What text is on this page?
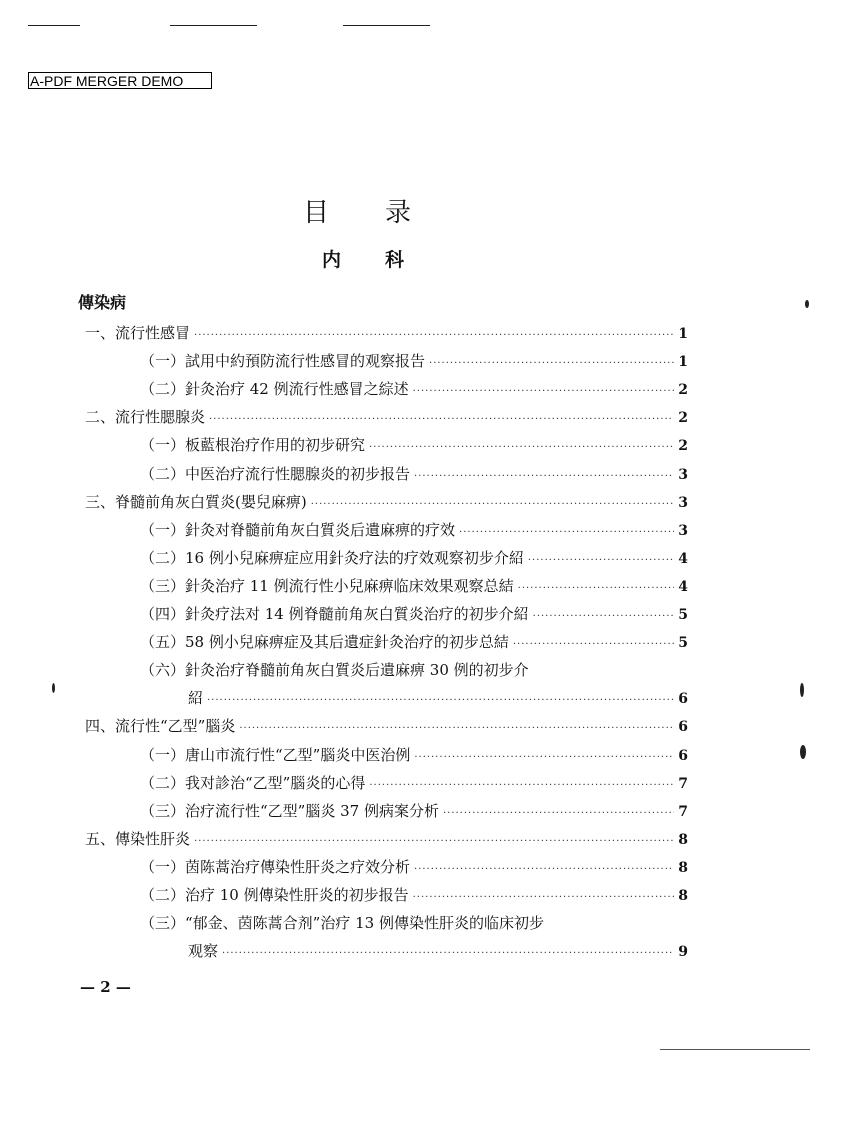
A-PDF MERGER DEMO
目录
内科
傳染病
一、流行性感冒 ·····	1
（一）試用中約預防流行性感冒的观察报告 ·····	1
（二）針灸治疗 42 例流行性感冒之綜述 ·····	2
二、流行性腮腺炎 ·····	2
（一）板藍根治疗作用的初步研究 ·····	2
（二）中医治疗流行性腮腺炎的初步报告 ·····	3
三、脊髓前角灰白質炎(嬰兒麻痹) ·····	3
（一）針灸对脊髓前角灰白質炎后遺麻痹的疗效 ·····	3
（二）16 例小兒麻痹症应用針灸疗法的疗效观察初步介紹 ·····	4
（三）針灸治疗 11 例流行性小兒麻痹临床效果观察总結 ·····	4
（四）針灸疗法对 14 例脊髓前角灰白質炎治疗的初步介紹 ·····	5
（五）58 例小兒麻痹症及其后遺症針灸治疗的初步总結 ·····	5
（六）針灸治疗脊髓前角灰白質炎后遺麻痹 30 例的初步介
紹 ·····	6
四、流行性“乙型”腦炎 ·····	6
（一）唐山市流行性“乙型”腦炎中医治例 ·····	6
（二）我对診治“乙型”腦炎的心得 ·····	7
（三）治疗流行性“乙型”腦炎 37 例病案分析 ·····	7
五、傳染性肝炎 ·····	8
（一）茵陈蒿治疗傳染性肝炎之疗效分析 ·····	8
（二）治疗 10 例傳染性肝炎的初步报告 ·····	8
（三）“郁金、茵陈蒿合剂”治疗 13 例傳染性肝炎的临床初步
观察 ·····	9
— 2 —
